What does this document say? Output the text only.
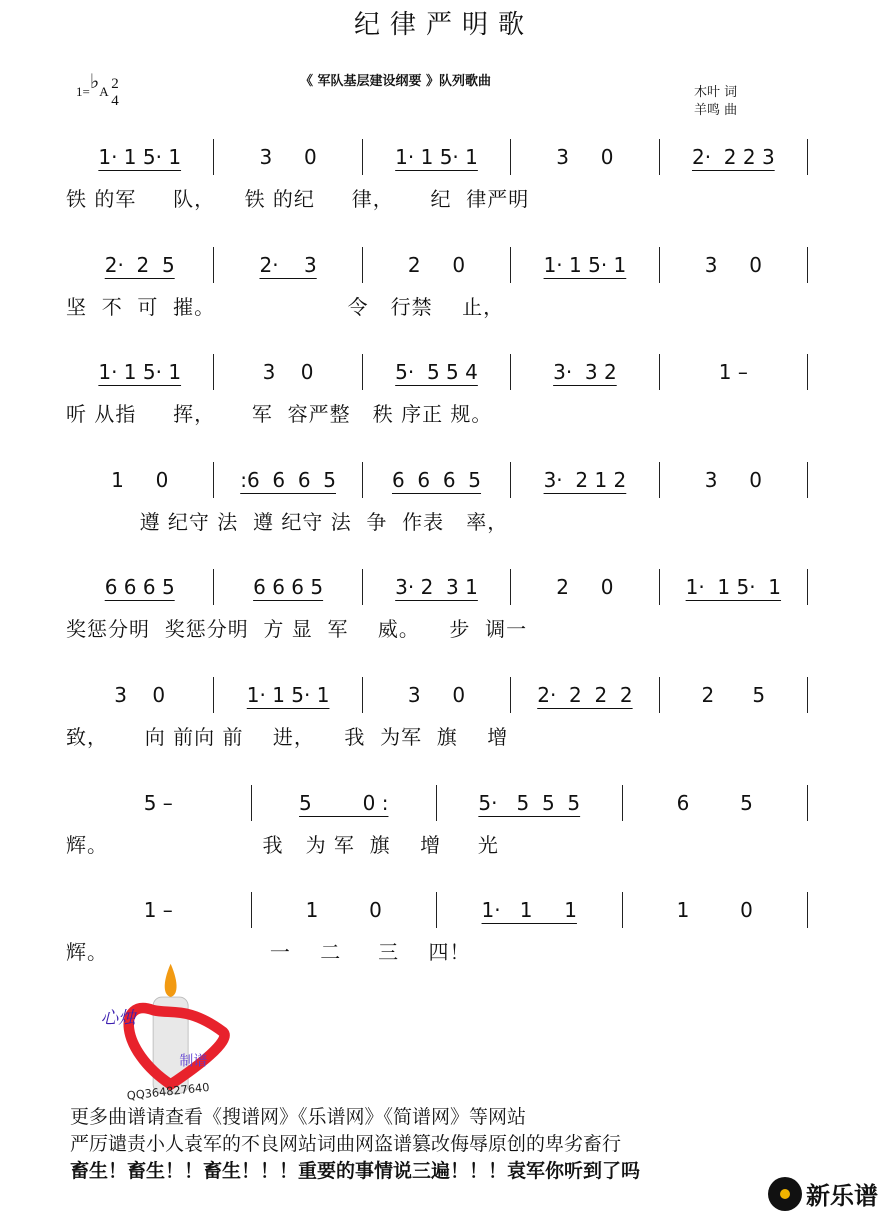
纪律严明歌
《 军队基层建设纲要 》队列歌曲
1=♭A 2
4
木叶 词
羊鸣 曲
1· 1 5· 1	3     0	1· 1 5· 1	3     0	2·  2 2 3
铁 的军     队，    铁 的纪     律，     纪  律严明
2·  2  5	2·    3	2     0	1· 1 5· 1	3     0
坚  不  可  摧。                  令   行禁    止，
1· 1 5· 1	3    0	5·  5 5 4	3·  3 2	1 –
听 从指     挥，     军  容严整   秩 序正 规。
1     0	:6  6  6  5	6  6  6  5	3·  2 1 2	3     0
遵 纪守 法  遵 纪守 法  争  作表   率，
6 6 6 5	6 6 6 5	3· 2  3 1	2     0	1·  1 5·  1
奖惩分明  奖惩分明  方 显  军    威。    步  调一
3    0	1· 1 5· 1	3     0	2·  2  2  2	2      5
致，     向 前向 前    进，    我  为军  旗    增
5 –	5        0 :	5·   5  5  5	6        5
辉。                     我   为 军  旗    增     光
1 –	1        0	1·   1     1	1        0
辉。                      一    二     三    四！
心烛
制谱
QQ364827640
更多曲谱请查看《搜谱网》《乐谱网》《简谱网》等网站
严厉谴责小人袁军的不良网站词曲网盗谱篡改侮辱原创的卑劣畜行
畜生！畜生！！畜生！！！重要的事情说三遍！！！袁军你听到了吗
新乐谱
